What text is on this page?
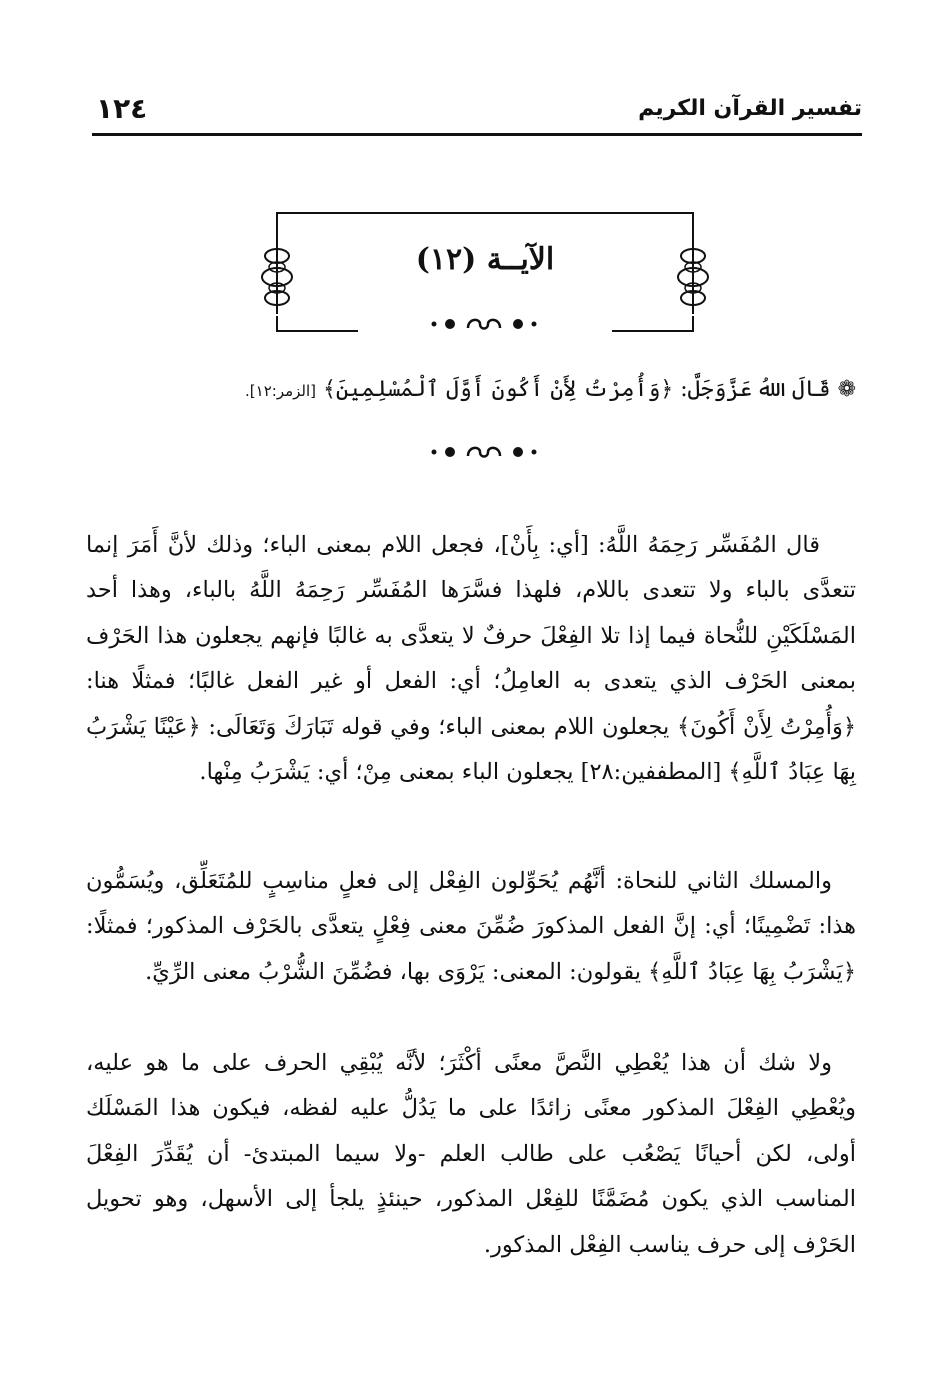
تفسير القرآن الكريم
١٢٤
الآيــة (١٢)
❁ قَالَ اللهُ عَزَّوَجَلَّ: ﴿وَأُمِرْتُ لِأَنْ أَكُونَ أَوَّلَ ٱلْمُسْلِمِينَ﴾ [الزمر:١٢].

قال المُفَسِّر رَحِمَهُ اللَّهُ: [أي: بِأَنْ]، فجعل اللام بمعنى الباء؛ وذلك لأنَّ أَمَرَ إنما تتعدَّى بالباء ولا تتعدى باللام، فلهذا فسَّرَها المُفَسِّر رَحِمَهُ اللَّهُ بالباء، وهذا أحد المَسْلَكَيْنِ للنُّحاة فيما إذا تلا الفِعْلَ حرفٌ لا يتعدَّى به غالبًا فإنهم يجعلون هذا الحَرْف بمعنى الحَرْف الذي يتعدى به العامِلُ؛ أي: الفعل أو غير الفعل غالبًا؛ فمثلًا هنا: ﴿وَأُمِرْتُ لِأَنْ أَكُونَ﴾ يجعلون اللام بمعنى الباء؛ وفي قوله تَبَارَكَ وَتَعَالَى: ﴿عَيْنًا يَشْرَبُ بِهَا عِبَادُ ٱللَّهِ﴾ [المطففين:٢٨] يجعلون الباء بمعنى مِنْ؛ أي: يَشْرَبُ مِنْها.

والمسلك الثاني للنحاة: أنَّهُم يُحَوِّلون الفِعْل إلى فعلٍ مناسِبٍ للمُتَعَلِّق، ويُسَمُّون هذا: تَضْمِينًا؛ أي: إنَّ الفعل المذكورَ ضُمِّنَ معنى فِعْلٍ يتعدَّى بالحَرْف المذكور؛ فمثلًا: ﴿يَشْرَبُ بِهَا عِبَادُ ٱللَّهِ﴾ يقولون: المعنى: يَرْوَى بها، فضُمِّنَ الشُّرْبُ معنى الرِّيِّ.

ولا شك أن هذا يُعْطِي النَّصَّ معنًى أكْثَرَ؛ لأنَّه يُبْقِي الحرف على ما هو عليه، ويُعْطِي الفِعْلَ المذكور معنًى زائدًا على ما يَدُلُّ عليه لفظه، فيكون هذا المَسْلَك أولى، لكن أحيانًا يَصْعُب على طالب العلم -ولا سيما المبتدئ- أن يُقَدِّرَ الفِعْلَ المناسب الذي يكون مُضَمَّنًا للفِعْل المذكور، حينئذٍ يلجأ إلى الأسهل، وهو تحويل الحَرْف إلى حرف يناسب الفِعْل المذكور.
